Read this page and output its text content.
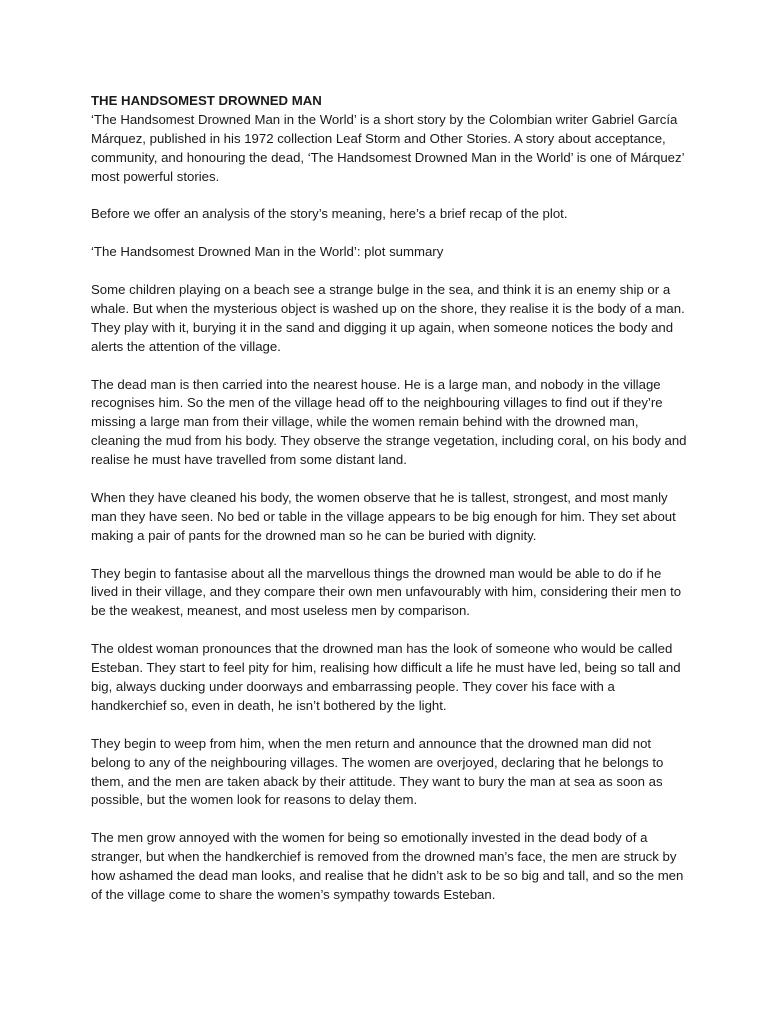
THE HANDSOMEST DROWNED MAN

‘The Handsomest Drowned Man in the World’ is a short story by the Colombian writer Gabriel García Márquez, published in his 1972 collection Leaf Storm and Other Stories. A story about acceptance, community, and honouring the dead, ‘The Handsomest Drowned Man in the World’ is one of Márquez’ most powerful stories.

Before we offer an analysis of the story’s meaning, here’s a brief recap of the plot.

‘The Handsomest Drowned Man in the World’: plot summary

Some children playing on a beach see a strange bulge in the sea, and think it is an enemy ship or a whale. But when the mysterious object is washed up on the shore, they realise it is the body of a man. They play with it, burying it in the sand and digging it up again, when someone notices the body and alerts the attention of the village.

The dead man is then carried into the nearest house. He is a large man, and nobody in the village recognises him. So the men of the village head off to the neighbouring villages to find out if they’re missing a large man from their village, while the women remain behind with the drowned man, cleaning the mud from his body. They observe the strange vegetation, including coral, on his body and realise he must have travelled from some distant land.

When they have cleaned his body, the women observe that he is tallest, strongest, and most manly man they have seen. No bed or table in the village appears to be big enough for him. They set about making a pair of pants for the drowned man so he can be buried with dignity.

They begin to fantasise about all the marvellous things the drowned man would be able to do if he lived in their village, and they compare their own men unfavourably with him, considering their men to be the weakest, meanest, and most useless men by comparison.

The oldest woman pronounces that the drowned man has the look of someone who would be called Esteban. They start to feel pity for him, realising how difficult a life he must have led, being so tall and big, always ducking under doorways and embarrassing people. They cover his face with a handkerchief so, even in death, he isn’t bothered by the light.

They begin to weep from him, when the men return and announce that the drowned man did not belong to any of the neighbouring villages. The women are overjoyed, declaring that he belongs to them, and the men are taken aback by their attitude. They want to bury the man at sea as soon as possible, but the women look for reasons to delay them.

The men grow annoyed with the women for being so emotionally invested in the dead body of a stranger, but when the handkerchief is removed from the drowned man’s face, the men are struck by how ashamed the dead man looks, and realise that he didn’t ask to be so big and tall, and so the men of the village come to share the women’s sympathy towards Esteban.
